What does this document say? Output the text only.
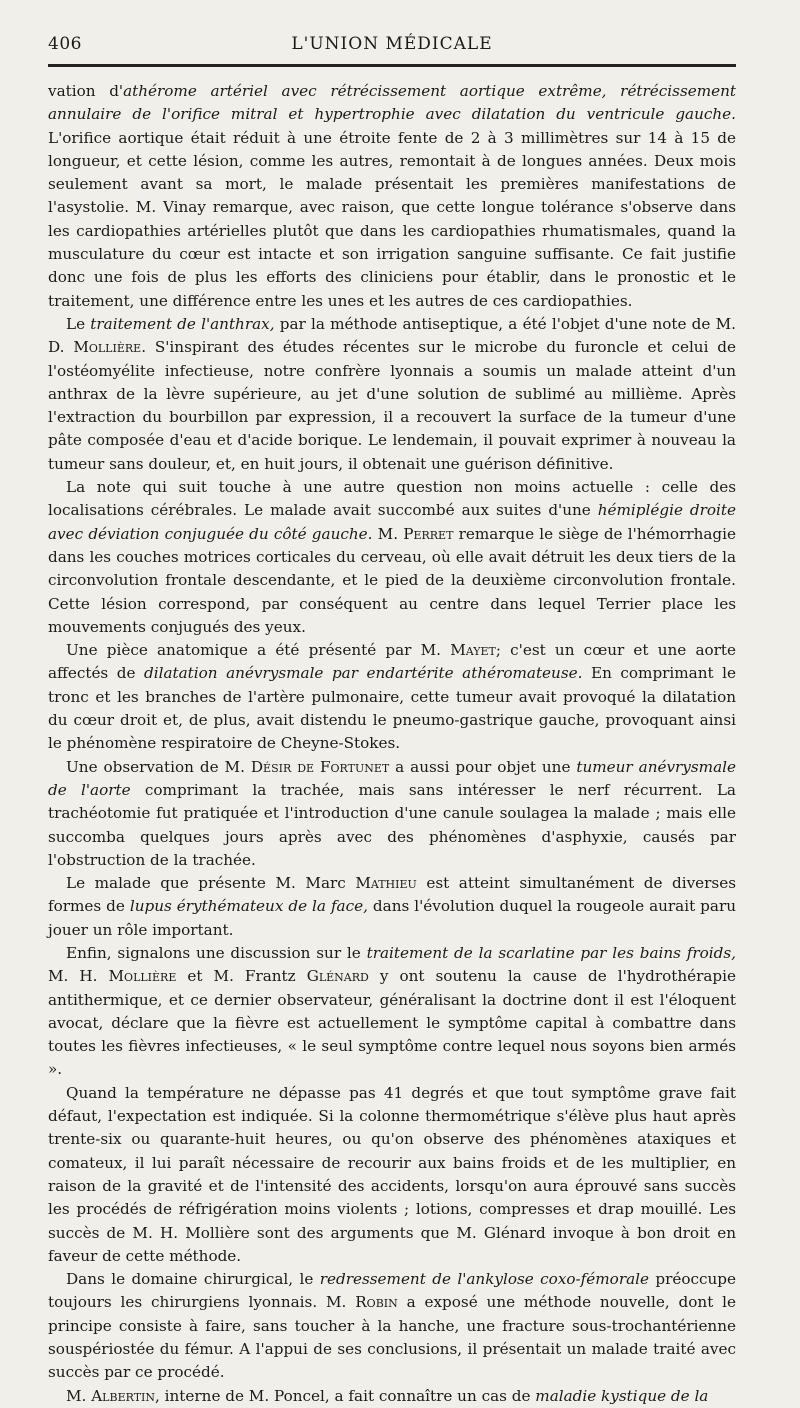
406	L'UNION MÉDICALE

vation d'athérome artériel avec rétrécissement aortique extrême, rétrécissement annulaire de l'orifice mitral et hypertrophie avec dilatation du ventricule gauche. L'orifice aortique était réduit à une étroite fente de 2 à 3 millimètres sur 14 à 15 de longueur, et cette lésion, comme les autres, remontait à de longues années. Deux mois seulement avant sa mort, le malade présentait les premières manifestations de l'asystolie. M. Vinay remarque, avec raison, que cette longue tolérance s'observe dans les cardiopathies artérielles plutôt que dans les cardiopathies rhumatismales, quand la musculature du cœur est intacte et son irrigation sanguine suffisante. Ce fait justifie donc une fois de plus les efforts des cliniciens pour établir, dans le pronostic et le traitement, une différence entre les unes et les autres de ces cardiopathies.

Le traitement de l'anthrax, par la méthode antiseptique, a été l'objet d'une note de M. D. Mollière. S'inspirant des études récentes sur le microbe du furoncle et celui de l'ostéomyélite infectieuse, notre confrère lyonnais a soumis un malade atteint d'un anthrax de la lèvre supérieure, au jet d'une solution de sublimé au millième. Après l'extraction du bourbillon par expression, il a recouvert la surface de la tumeur d'une pâte composée d'eau et d'acide borique. Le lendemain, il pouvait exprimer à nouveau la tumeur sans douleur, et, en huit jours, il obtenait une guérison définitive.

La note qui suit touche à une autre question non moins actuelle : celle des localisations cérébrales. Le malade avait succombé aux suites d'une hémiplégie droite avec déviation conjuguée du côté gauche. M. Perret remarque le siège de l'hémorrhagie dans les couches motrices corticales du cerveau, où elle avait détruit les deux tiers de la circonvolution frontale descendante, et le pied de la deuxième circonvolution frontale. Cette lésion correspond, par conséquent au centre dans lequel Terrier place les mouvements conjugués des yeux.

Une pièce anatomique a été présenté par M. Mayet; c'est un cœur et une aorte affectés de dilatation anévrysmale par endartérite athéromateuse. En comprimant le tronc et les branches de l'artère pulmonaire, cette tumeur avait provoqué la dilatation du cœur droit et, de plus, avait distendu le pneumo-gastrique gauche, provoquant ainsi le phénomène respiratoire de Cheyne-Stokes.

Une observation de M. Désir de Fortunet a aussi pour objet une tumeur anévrysmale de l'aorte comprimant la trachée, mais sans intéresser le nerf récurrent. La trachéotomie fut pratiquée et l'introduction d'une canule soulagea la malade ; mais elle succomba quelques jours après avec des phénomènes d'asphyxie, causés par l'obstruction de la trachée.

Le malade que présente M. Marc Mathieu est atteint simultanément de diverses formes de lupus érythémateux de la face, dans l'évolution duquel la rougeole aurait paru jouer un rôle important.

Enfin, signalons une discussion sur le traitement de la scarlatine par les bains froids, M. H. Mollière et M. Frantz Glénard y ont soutenu la cause de l'hydrothérapie antithermique, et ce dernier observateur, généralisant la doctrine dont il est l'éloquent avocat, déclare que la fièvre est actuellement le symptôme capital à combattre dans toutes les fièvres infectieuses, « le seul symptôme contre lequel nous soyons bien armés ».

Quand la température ne dépasse pas 41 degrés et que tout symptôme grave fait défaut, l'expectation est indiquée. Si la colonne thermométrique s'élève plus haut après trente-six ou quarante-huit heures, ou qu'on observe des phénomènes ataxiques et comateux, il lui paraît nécessaire de recourir aux bains froids et de les multiplier, en raison de la gravité et de l'intensité des accidents, lorsqu'on aura éprouvé sans succès les procédés de réfrigération moins violents ; lotions, compresses et drap mouillé. Les succès de M. H. Mollière sont des arguments que M. Glénard invoque à bon droit en faveur de cette méthode.

Dans le domaine chirurgical, le redressement de l'ankylose coxo-fémorale préoccupe toujours les chirurgiens lyonnais. M. Robin a exposé une méthode nouvelle, dont le principe consiste à faire, sans toucher à la hanche, une fracture sous-trochantérienne souspériostée du fémur. A l'appui de ses conclusions, il présentait un malade traité avec succès par ce procédé.

M. Albertin, interne de M. Poncel, a fait connaître un cas de maladie kystique de la
